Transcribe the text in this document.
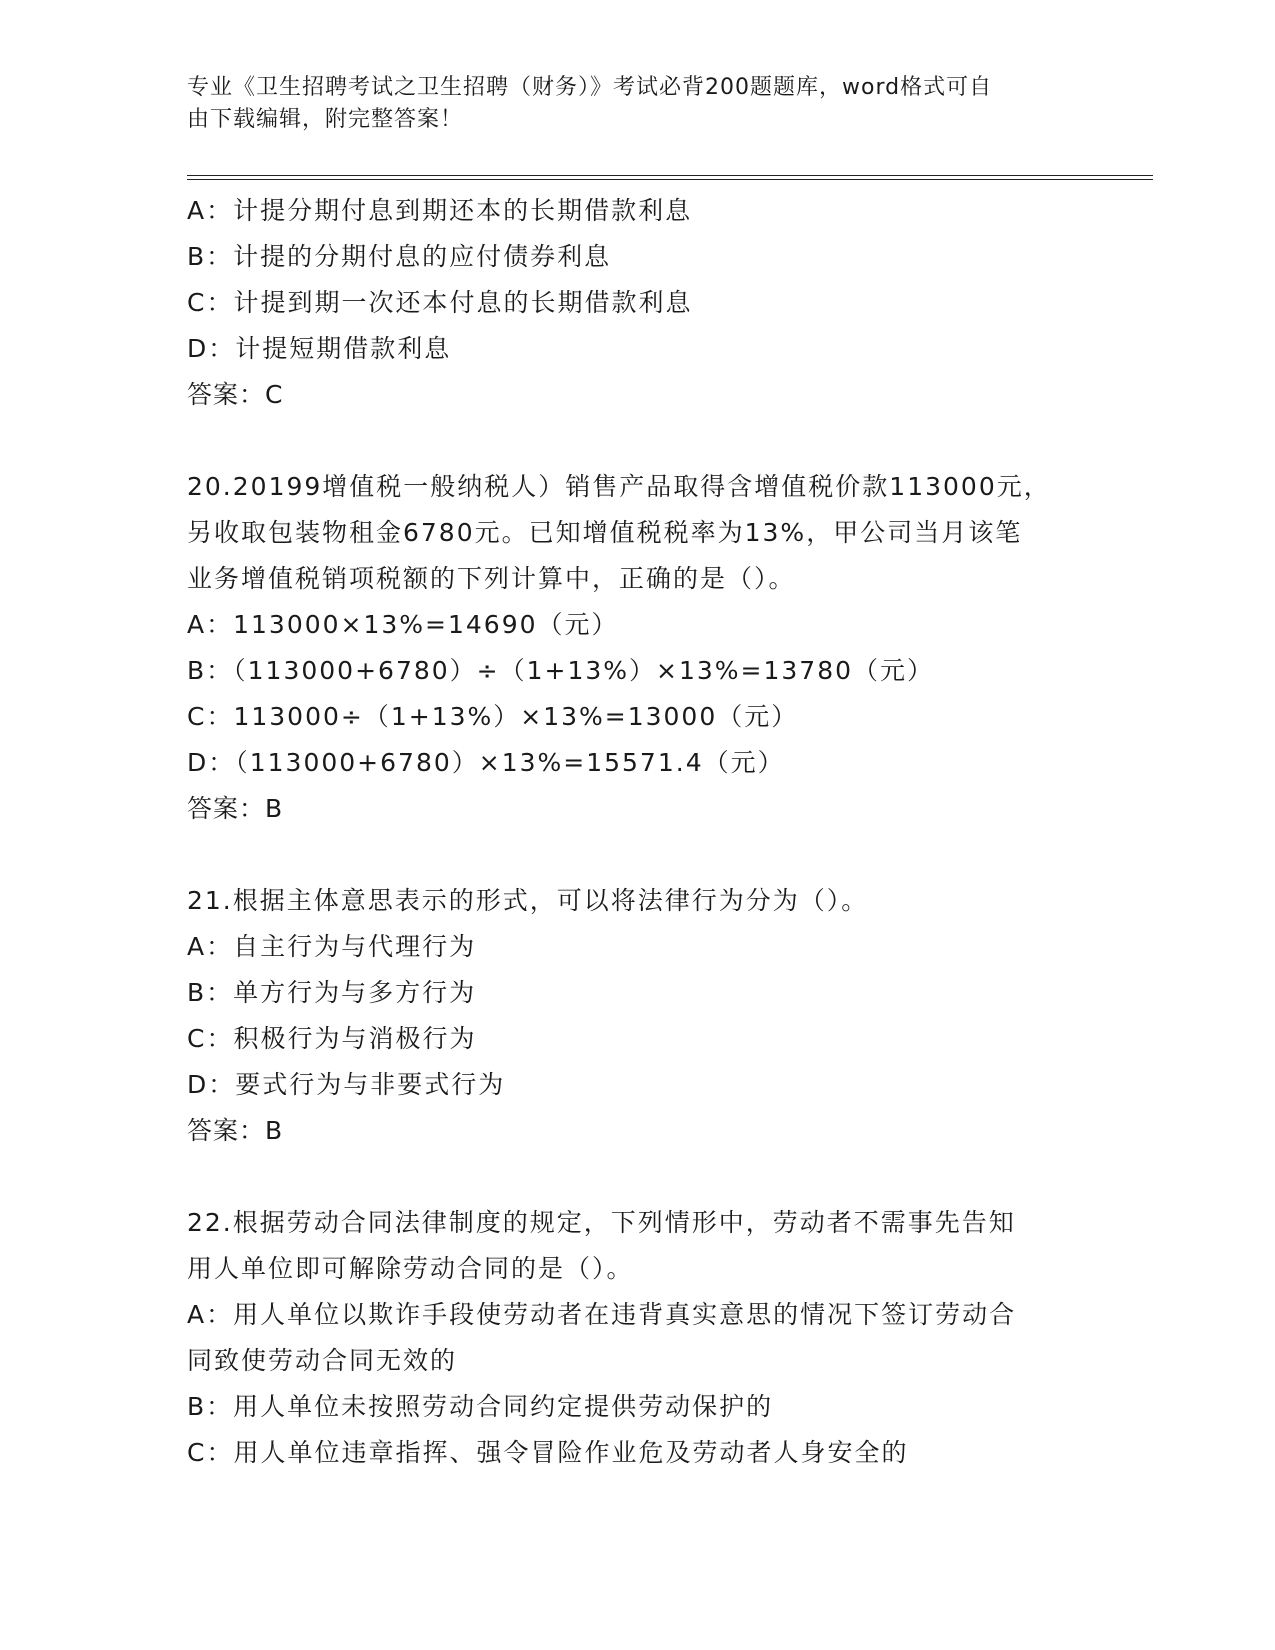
专业《卫生招聘考试之卫生招聘（财务）》考试必背200题题库，word格式可自
由下载编辑，附完整答案！
A：计提分期付息到期还本的长期借款利息
B：计提的分期付息的应付债券利息
C：计提到期一次还本付息的长期借款利息
D：计提短期借款利息
答案：C
20.20199增值税一般纳税人）销售产品取得含增值税价款113000元，
另收取包装物租金6780元。已知增值税税率为13%，甲公司当月该笔
业务增值税销项税额的下列计算中，正确的是（）。
A：113000×13%=14690（元）
B：（113000+6780）÷（1+13%）×13%=13780（元）
C：113000÷（1+13%）×13%=13000（元）
D：（113000+6780）×13%=15571.4（元）
答案：B
21.根据主体意思表示的形式，可以将法律行为分为（）。
A：自主行为与代理行为
B：单方行为与多方行为
C：积极行为与消极行为
D：要式行为与非要式行为
答案：B
22.根据劳动合同法律制度的规定，下列情形中，劳动者不需事先告知
用人单位即可解除劳动合同的是（）。
A：用人单位以欺诈手段使劳动者在违背真实意思的情况下签订劳动合
同致使劳动合同无效的
B：用人单位未按照劳动合同约定提供劳动保护的
C：用人单位违章指挥、强令冒险作业危及劳动者人身安全的
